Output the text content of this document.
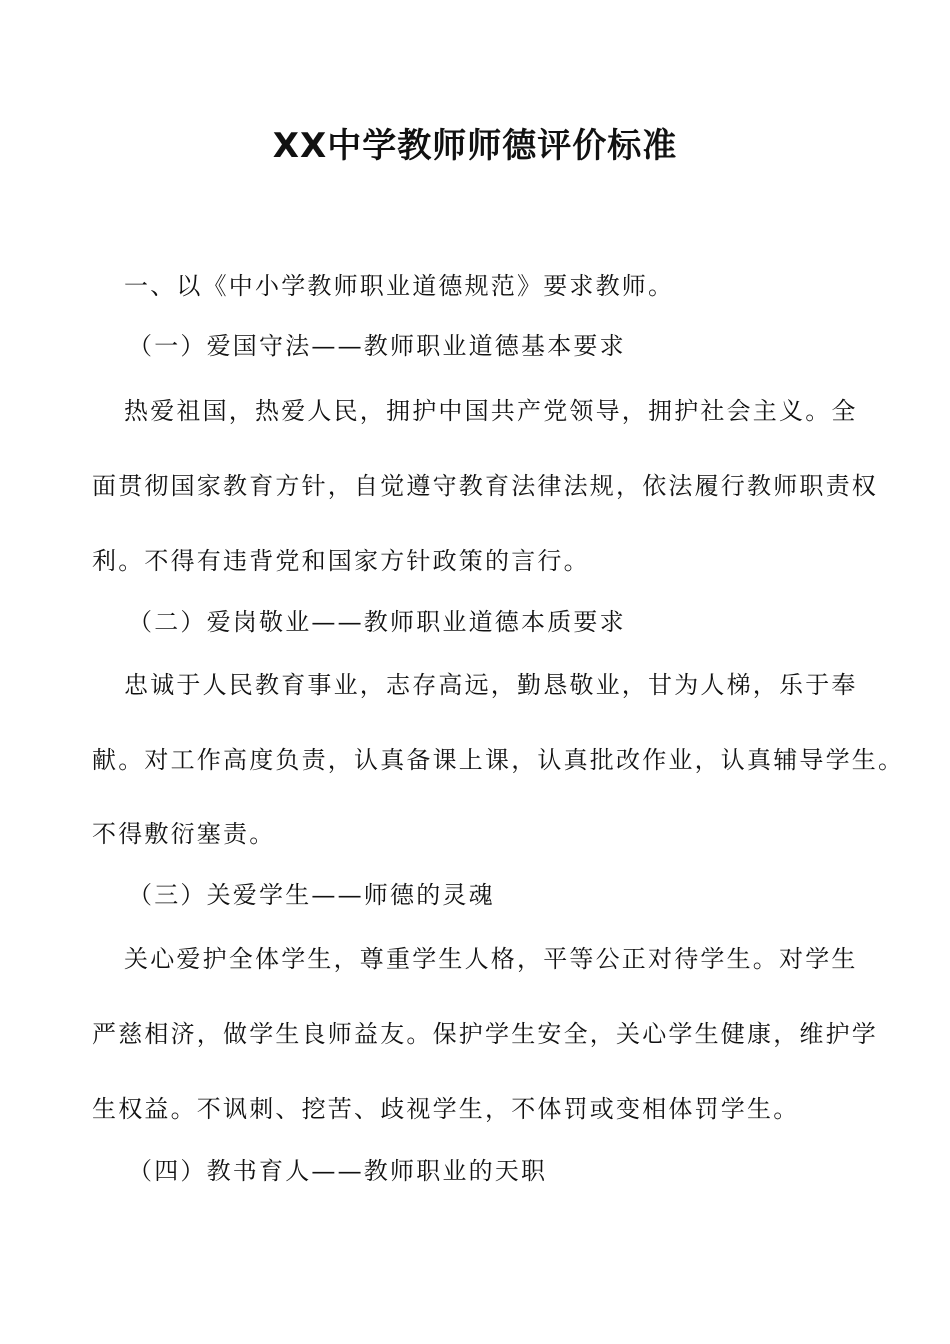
XX中学教师师德评价标准

一、以《中小学教师职业道德规范》要求教师。

（一）爱国守法——教师职业道德基本要求

热爱祖国，热爱人民，拥护中国共产党领导，拥护社会主义。全

面贯彻国家教育方针，自觉遵守教育法律法规，依法履行教师职责权

利。不得有违背党和国家方针政策的言行。

（二）爱岗敬业——教师职业道德本质要求

忠诚于人民教育事业，志存高远，勤恳敬业，甘为人梯，乐于奉

献。对工作高度负责，认真备课上课，认真批改作业，认真辅导学生。

不得敷衍塞责。

（三）关爱学生——师德的灵魂

关心爱护全体学生，尊重学生人格，平等公正对待学生。对学生

严慈相济，做学生良师益友。保护学生安全，关心学生健康，维护学

生权益。不讽刺、挖苦、歧视学生，不体罚或变相体罚学生。

（四）教书育人——教师职业的天职
